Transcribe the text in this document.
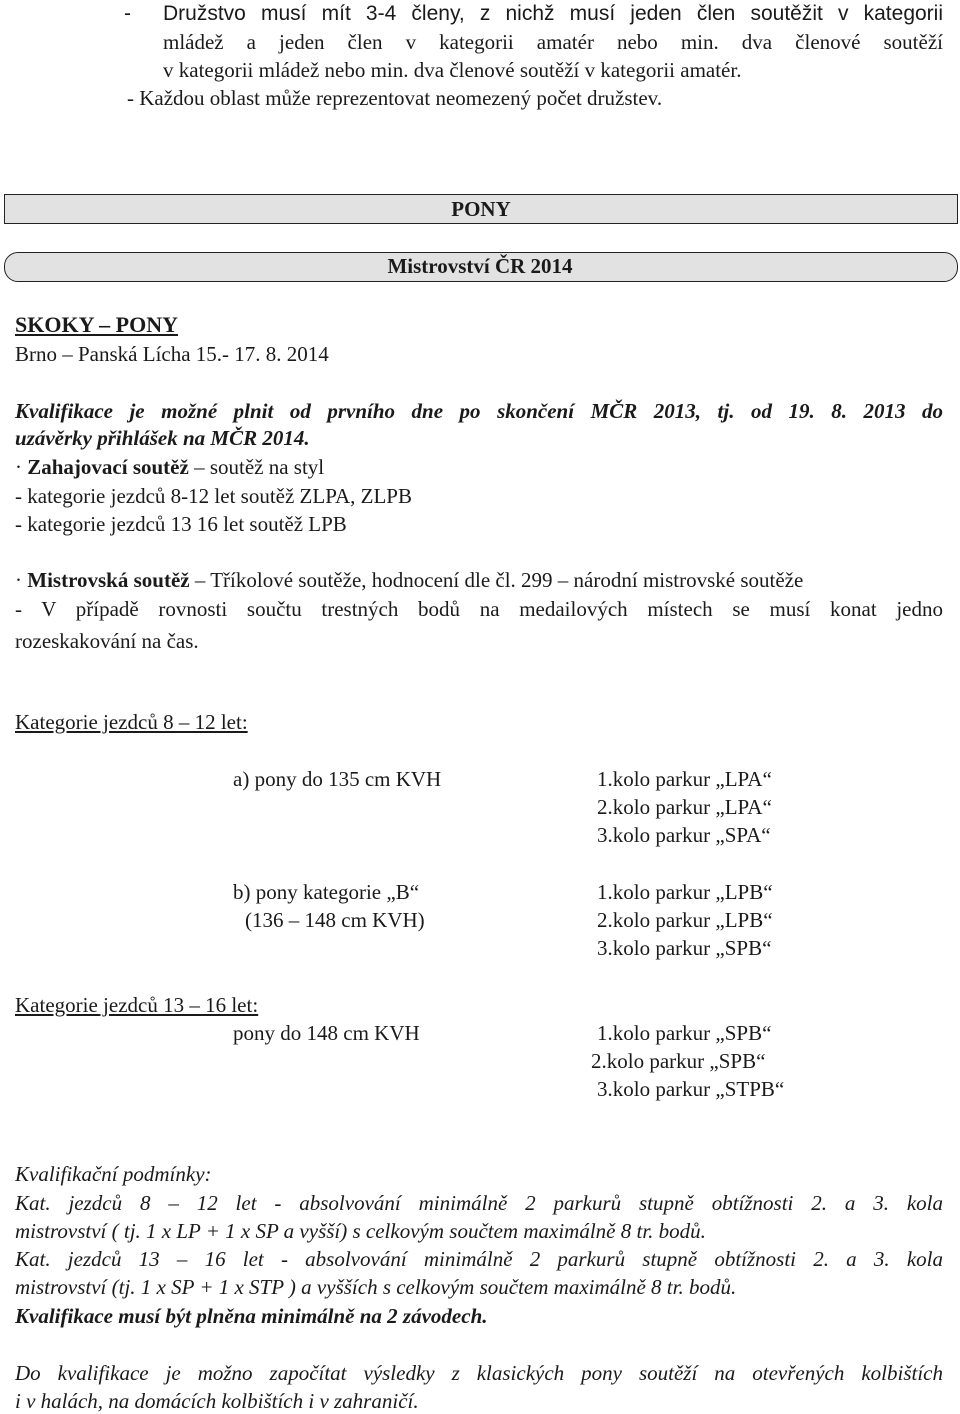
- Družstvo musí mít 3-4 členy, z nichž musí jeden člen soutěžit v kategorii
mládež a jeden člen v kategorii amatér nebo min. dva členové soutěží
v kategorii mládež nebo min. dva členové soutěží v kategorii amatér.
- Každou oblast může reprezentovat neomezený počet družstev.
PONY
Mistrovství ČR 2014
SKOKY – PONY
Brno – Panská Lícha 15.- 17. 8. 2014
Kvalifikace je možné plnit od prvního dne po skončení MČR 2013, tj. od 19. 8. 2013 do
uzávěrky přihlášek na MČR 2014.
· Zahajovací soutěž – soutěž na styl
- kategorie jezdců 8-12 let soutěž ZLPA, ZLPB
- kategorie jezdců 13 16 let soutěž LPB
· Mistrovská soutěž – Tříkolové soutěže, hodnocení dle čl. 299 – národní mistrovské soutěže
- V případě rovnosti součtu trestných bodů na medailových místech se musí konat jedno
rozeskakování na čas.
Kategorie jezdců 8 – 12 let:
a) pony do 135 cm KVH	1.kolo parkur „LPA“
2.kolo parkur „LPA“
3.kolo parkur „SPA“
b) pony kategorie „B“
(136 – 148 cm KVH)
1.kolo parkur „LPB“
2.kolo parkur „LPB“
3.kolo parkur „SPB“
Kategorie jezdců 13 – 16 let:
pony do 148 cm KVH	1.kolo parkur „SPB“
2.kolo parkur „SPB“
3.kolo parkur „STPB“
Kvalifikační podmínky:
Kat. jezdců 8 – 12 let - absolvování minimálně 2 parkurů stupně obtížnosti 2. a 3. kola
mistrovství ( tj. 1 x LP + 1 x SP a vyšší) s celkovým součtem maximálně 8 tr. bodů.
Kat. jezdců 13 – 16 let - absolvování minimálně 2 parkurů stupně obtížnosti 2. a 3. kola
mistrovství (tj. 1 x SP + 1 x STP ) a vyšších s celkovým součtem maximálně 8 tr. bodů.
Kvalifikace musí být plněna minimálně na 2 závodech.
Do kvalifikace je možno započítat výsledky z klasických pony soutěží na otevřených kolbištích
i v halách, na domácích kolbištích i v zahraničí.
